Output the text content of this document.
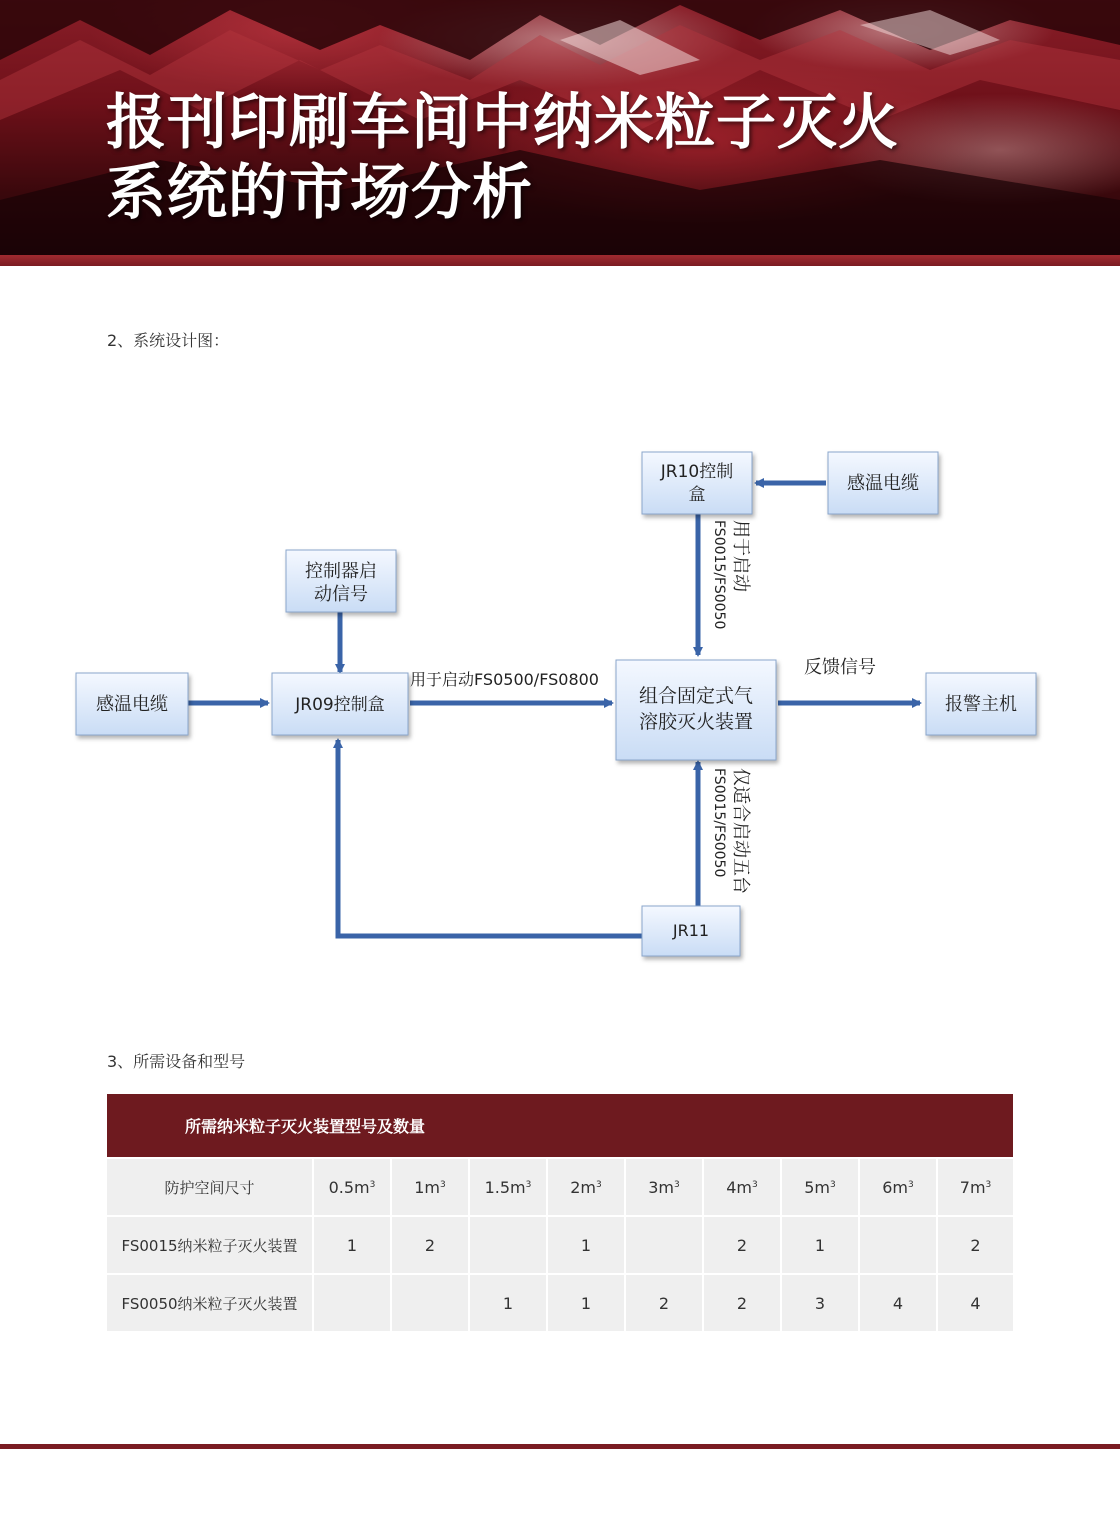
报刊印刷车间中纳米粒子灭火
系统的市场分析
2、系统设计图：
感温电缆
控制器启
动信号
JR09控制盒
JR10控制
盒
感温电缆
组合固定式气
溶胶灭火装置
报警主机
JR11
用于启动FS0500/FS0800
反馈信号
用于启动
FS0015/FS0050
仅适合启动五台
FS0015/FS0050
3、所需设备和型号
所需纳米粒子灭火装置型号及数量									
防护空间尺寸	$0.5m^3$	$1m^3$	$1.5m^3$	$2m^3$	$3m^3$	$4m^3$	$5m^3$	$6m^3$	$7m^3$
FS0015纳米粒子灭火装置	1	2		1		2	1		2
FS0050纳米粒子灭火装置			1	1	2	2	3	4	4
